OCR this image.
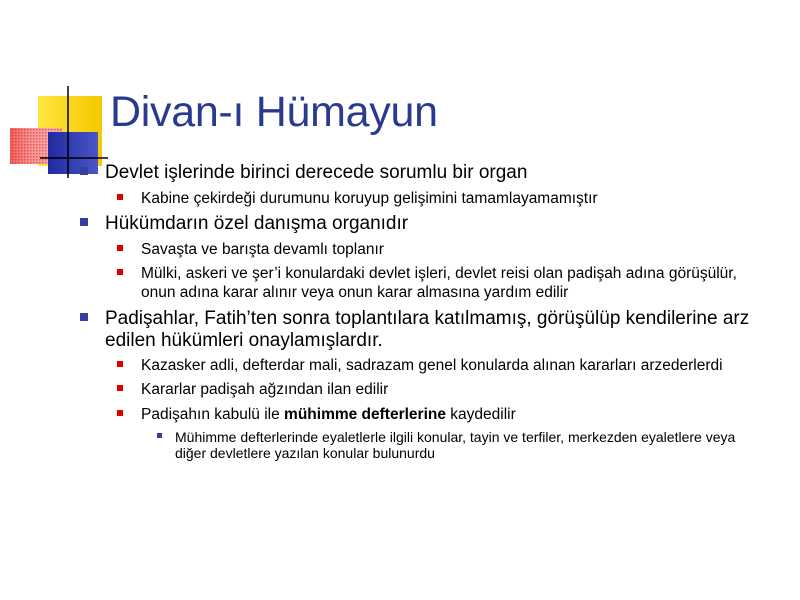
Divan-ı Hümayun
Devlet işlerinde birinci derecede sorumlu bir organ
Kabine çekirdeği durumunu koruyup gelişimini tamamlayamamıştır
Hükümdarın özel danışma organıdır
Savaşta ve barışta devamlı toplanır
Mülki, askeri ve şer’i konulardaki devlet işleri, devlet reisi olan padişah adına görüşülür,
onun adına karar alınır veya onun karar almasına yardım edilir
Padişahlar, Fatih’ten sonra toplantılara katılmamış, görüşülüp kendilerine arz
edilen hükümleri onaylamışlardır.
Kazasker adli, defterdar mali, sadrazam genel konularda alınan kararları arzederlerdi
Kararlar padişah ağzından ilan edilir
Padişahın kabulü ile mühimme defterlerine kaydedilir
Mühimme defterlerinde eyaletlerle ilgili konular, tayin ve terfiler, merkezden eyaletlere veya
diğer devletlere yazılan konular bulunurdu
